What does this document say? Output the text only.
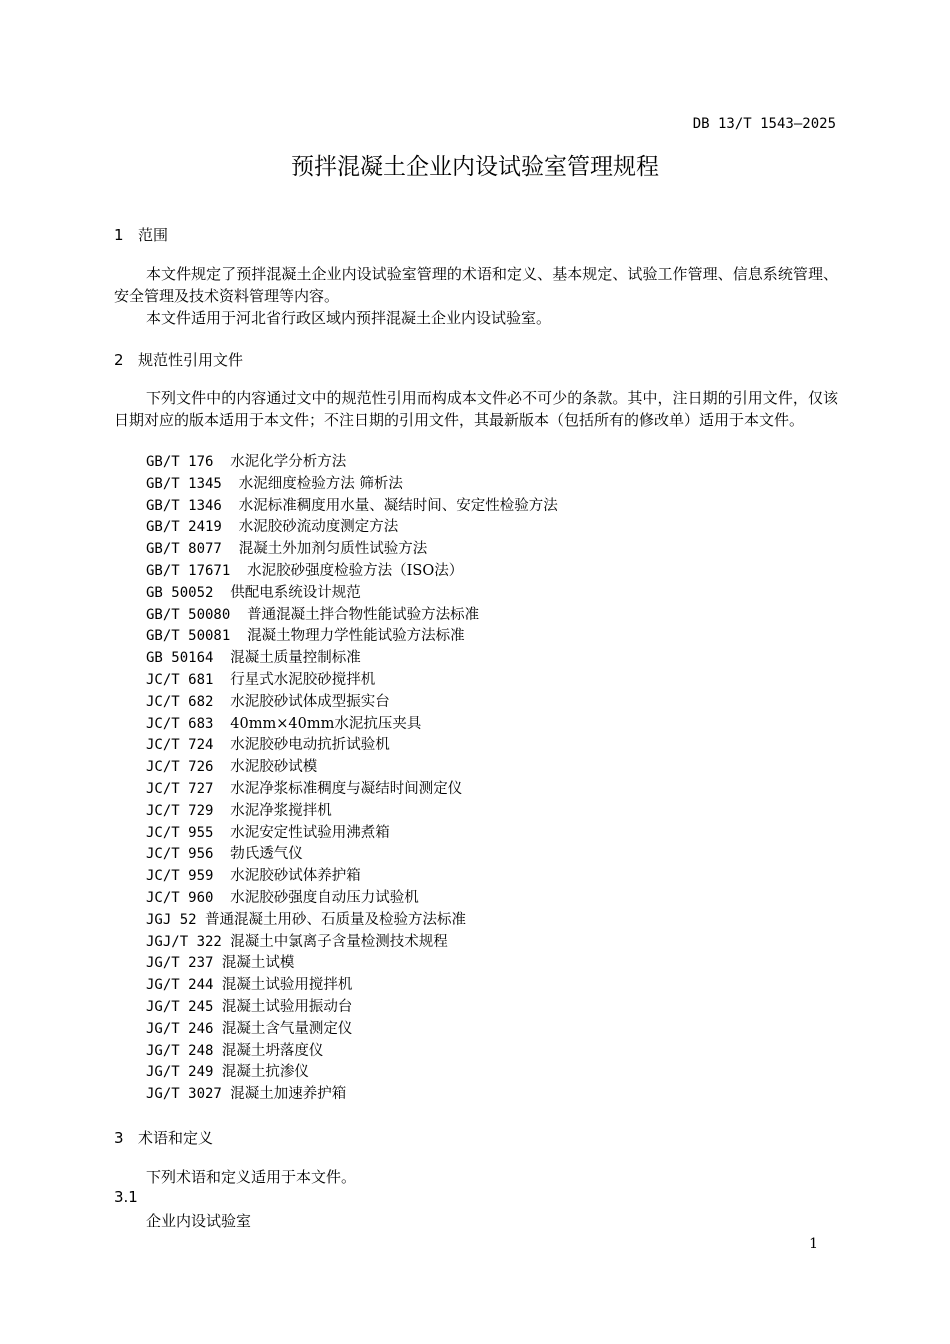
DB 13/T 1543—2025
预拌混凝土企业内设试验室管理规程
1 范围
本文件规定了预拌混凝土企业内设试验室管理的术语和定义、基本规定、试验工作管理、信息系统管理、安全管理及技术资料管理等内容。
本文件适用于河北省行政区域内预拌混凝土企业内设试验室。
2 规范性引用文件
下列文件中的内容通过文中的规范性引用而构成本文件必不可少的条款。其中，注日期的引用文件，仅该日期对应的版本适用于本文件；不注日期的引用文件，其最新版本（包括所有的修改单）适用于本文件。
GB/T 176 水泥化学分析方法
GB/T 1345 水泥细度检验方法 筛析法
GB/T 1346 水泥标准稠度用水量、凝结时间、安定性检验方法
GB/T 2419 水泥胶砂流动度测定方法
GB/T 8077 混凝土外加剂匀质性试验方法
GB/T 17671 水泥胶砂强度检验方法（ISO法）
GB 50052 供配电系统设计规范
GB/T 50080 普通混凝土拌合物性能试验方法标准
GB/T 50081 混凝土物理力学性能试验方法标准
GB 50164 混凝土质量控制标准
JC/T 681 行星式水泥胶砂搅拌机
JC/T 682 水泥胶砂试体成型振实台
JC/T 683 40mm×40mm水泥抗压夹具
JC/T 724 水泥胶砂电动抗折试验机
JC/T 726 水泥胶砂试模
JC/T 727 水泥净浆标准稠度与凝结时间测定仪
JC/T 729 水泥净浆搅拌机
JC/T 955 水泥安定性试验用沸煮箱
JC/T 956 勃氏透气仪
JC/T 959 水泥胶砂试体养护箱
JC/T 960 水泥胶砂强度自动压力试验机
JGJ 52 普通混凝土用砂、石质量及检验方法标准
JGJ/T 322 混凝土中氯离子含量检测技术规程
JG/T 237 混凝土试模
JG/T 244 混凝土试验用搅拌机
JG/T 245 混凝土试验用振动台
JG/T 246 混凝土含气量测定仪
JG/T 248 混凝土坍落度仪
JG/T 249 混凝土抗渗仪
JG/T 3027 混凝土加速养护箱
3 术语和定义
下列术语和定义适用于本文件。
3.1
企业内设试验室
1
